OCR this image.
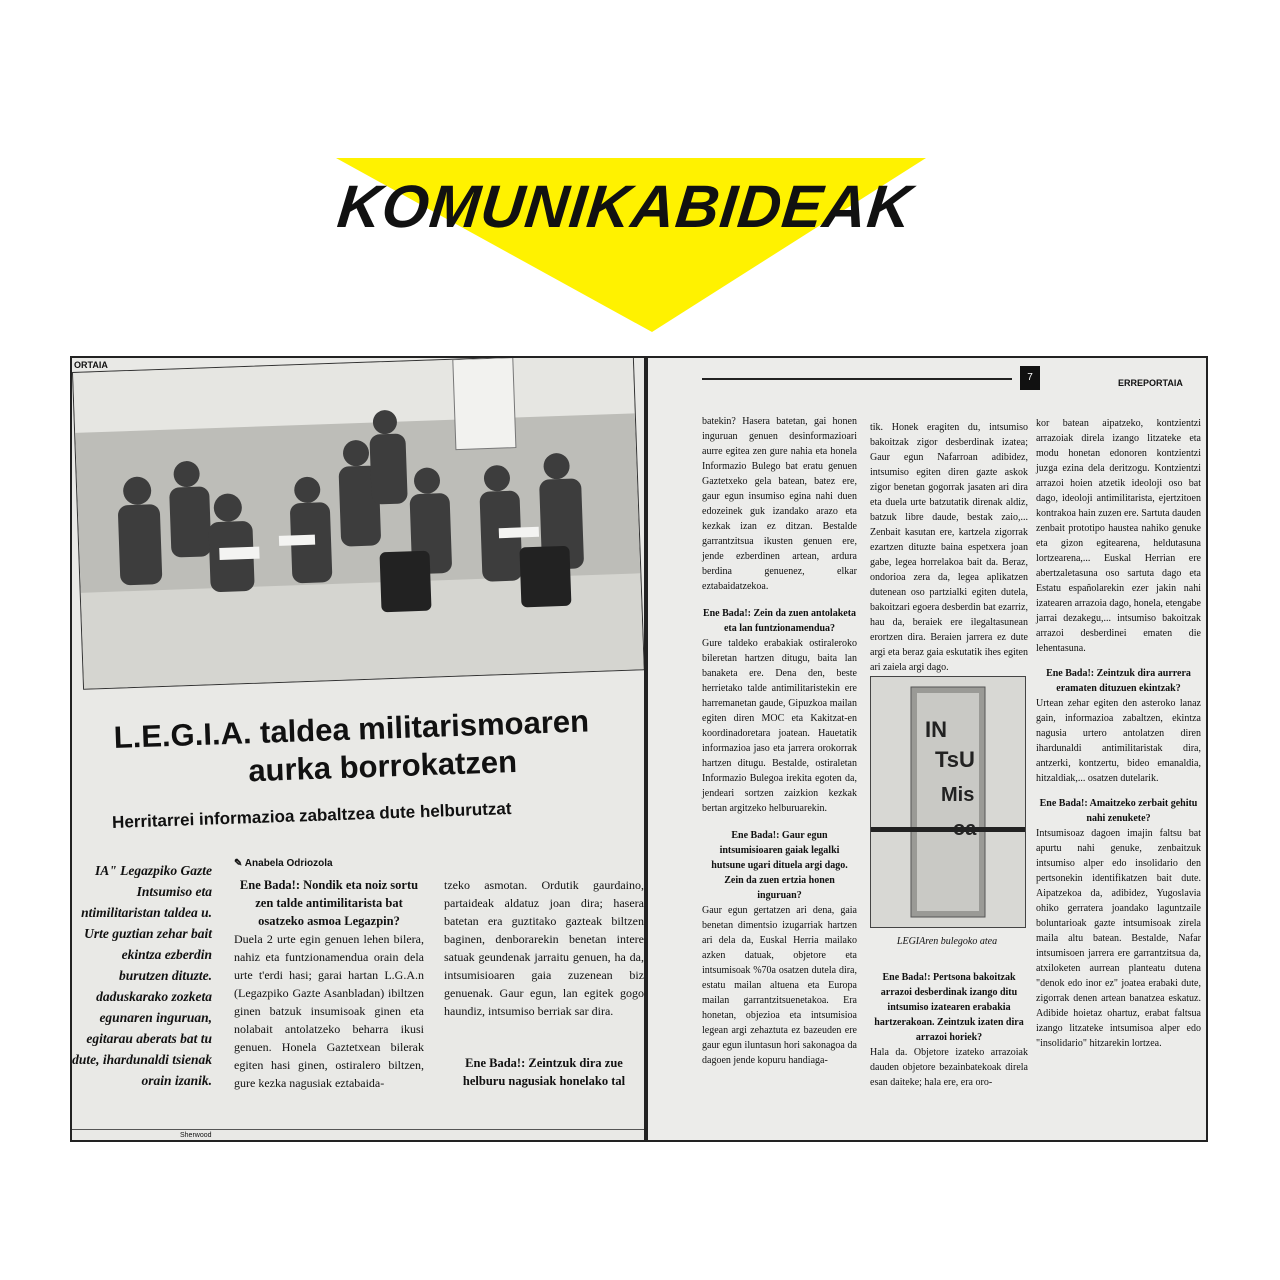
KOMUNIKABIDEAK
ORTAIA
L.E.G.I.A. taldea militarismoaren
aurka borrokatzen
Herritarrei informazioa zabaltzea dute helburutzat
✎ Anabela Odriozola
IA" Legazpiko Gazte Intsumiso eta ntimilitaristan taldea u. Urte guztian zehar bait ekintza ezberdin burutzen dituzte. daduskarako zozketa egunaren inguruan, egitarau aberats bat tu dute, ihardunaldi tsienak orain izanik.
Ene Bada!: Nondik eta noiz sortu zen talde antimilitarista bat osatzeko asmoa Legazpin?

Duela 2 urte egin genuen lehen bilera, nahiz eta funtzionamendua orain dela urte t'erdi hasi; garai hartan L.G.A.n (Legazpiko Gazte Asanbladan) ibiltzen ginen batzuk insumisoak ginen eta nolabait antolatzeko beharra ikusi genuen. Honela Gaztetxean bilerak egiten hasi ginen, ostiralero biltzen, gure kezka nagusiak eztabaida-

tzeko asmotan. Ordutik gaurdaino, partaideak aldatuz joan dira; hasera batetan era guztitako gazteak biltzen baginen, denborarekin benetan intere satuak geundenak jarraitu genuen, ha da, intsumisioaren gaia zuzenean biz genuenak. Gaur egun, lan egitek gogo haundiz, intsumiso berriak sar dira.

Ene Bada!: Zeintzuk dira zue helburu nagusiak honelako tal
Sherwood
7	ERREPORTAIA

batekin? Hasera batetan, gai honen inguruan genuen desinformazioari aurre egitea zen gure nahia eta honela Informazio Bulego bat eratu genuen Gaztetxeko gela batean, batez ere, gaur egun insumiso egina nahi duen edozeinek guk izandako arazo eta kezkak izan ez ditzan. Bestalde garrantzitsua ikusten genuen ere, jende ezberdinen artean, ardura berdina genuenez, elkar eztabaidatzekoa.

Ene Bada!: Zein da zuen antolaketa eta lan funtzionamendua?

Gure taldeko erabakiak ostiraleroko bileretan hartzen ditugu, baita lan banaketa ere. Dena den, beste herrietako talde antimilitaristekin ere harremanetan gaude, Gipuzkoa mailan egiten diren MOC eta Kakitzat-en koordinadoretara joatean. Hauetatik informazioa jaso eta jarrera orokorrak hartzen ditugu. Bestalde, ostiraletan Informazio Bulegoa irekita egoten da, jendeari sortzen zaizkion kezkak bertan argitzeko helburuarekin.

Ene Bada!: Gaur egun intsumisioaren gaiak legalki hutsune ugari dituela argi dago. Zein da zuen ertzia honen inguruan?

Gaur egun gertatzen ari dena, gaia benetan dimentsio izugarriak hartzen ari dela da, Euskal Herria mailako azken datuak, objetore eta intsumisoak %70a osatzen dutela dira, estatu mailan altuena eta Europa mailan garrantzitsuenetakoa. Era honetan, objezioa eta intsumisioa legean argi zehaztuta ez bazeuden ere gaur egun iluntasun hori sakonagoa da dagoen jende kopuru handiaga-

tik. Honek eragiten du, intsumiso bakoitzak zigor desberdinak izatea; Gaur egun Nafarroan adibidez, intsumiso egiten diren gazte askok zigor benetan gogorrak jasaten ari dira eta duela urte batzutatik direnak aldiz, batzuk libre daude, bestak zaio,... Zenbait kasutan ere, kartzela zigorrak ezartzen dituzte baina espetxera joan gabe, legea horrelakoa bait da. Beraz, ondorioa zera da, legea aplikatzen dutenean oso partzialki egiten dutela, bakoitzari egoera desberdin bat ezarriz, hau da, beraiek ere ilegaltasunean erortzen dira. Beraien jarrera ez dute argi eta beraz gaia eskutatik ihes egiten ari zaiela argi dago.

IN
TsU
Mis
oa
LEGIAren bulegoko atea
Ene Bada!: Pertsona bakoitzak arrazoi desberdinak izango ditu intsumiso izatearen erabakia hartzerakoan. Zeintzuk izaten dira arrazoi horiek?

Hala da. Objetore izateko arrazoiak dauden objetore bezainbatekoak direla esan daiteke; hala ere, era oro-

kor batean aipatzeko, kontzientzi arrazoiak direla izango litzateke eta modu honetan edonoren kontzientzi juzga ezina dela deritzogu. Kontzientzi arrazoi hoien atzetik ideoloji oso bat dago, ideoloji antimilitarista, ejertzitoen kontrakoa hain zuzen ere. Sartuta dauden zenbait prototipo haustea nahiko genuke eta gizon egitearena, heldutasuna lortzearena,... Euskal Herrian ere abertzaletasuna oso sartuta dago eta Estatu españolarekin ezer jakin nahi izatearen arrazoia dago, honela, etengabe jarrai dezakegu,... intsumiso bakoitzak arrazoi desberdinei ematen die lehentasuna.

Ene Bada!: Zeintzuk dira aurrera eramaten dituzuen ekintzak?

Urtean zehar egiten den asteroko lanaz gain, informazioa zabaltzen, ekintza nagusia urtero antolatzen diren ihardunaldi antimilitaristak dira, antzerki, kontzertu, bideo emanaldia, hitzaldiak,... osatzen dutelarik.

Ene Bada!: Amaitzeko zerbait gehitu nahi zenukete?

Intsumisoaz dagoen imajin faltsu bat apurtu nahi genuke, zenbaitzuk intsumiso alper edo insolidario den pertsonekin identifikatzen bait dute. Aipatzekoa da, adibidez, Yugoslavia ohiko gerratera joandako laguntzaile boluntarioak gazte intsumisoak zirela maila altu batean. Bestalde, Nafar intsumisoen jarrera ere garrantzitsua da, atxiloketen aurrean planteatu dutena "denok edo inor ez" joatea erabaki dute, zigorrak denen artean banatzea eskatuz. Adibide hoietaz ohartuz, erabat faltsua izango litzateke intsumisoa alper edo "insolidario" hitzarekin lortzea.
